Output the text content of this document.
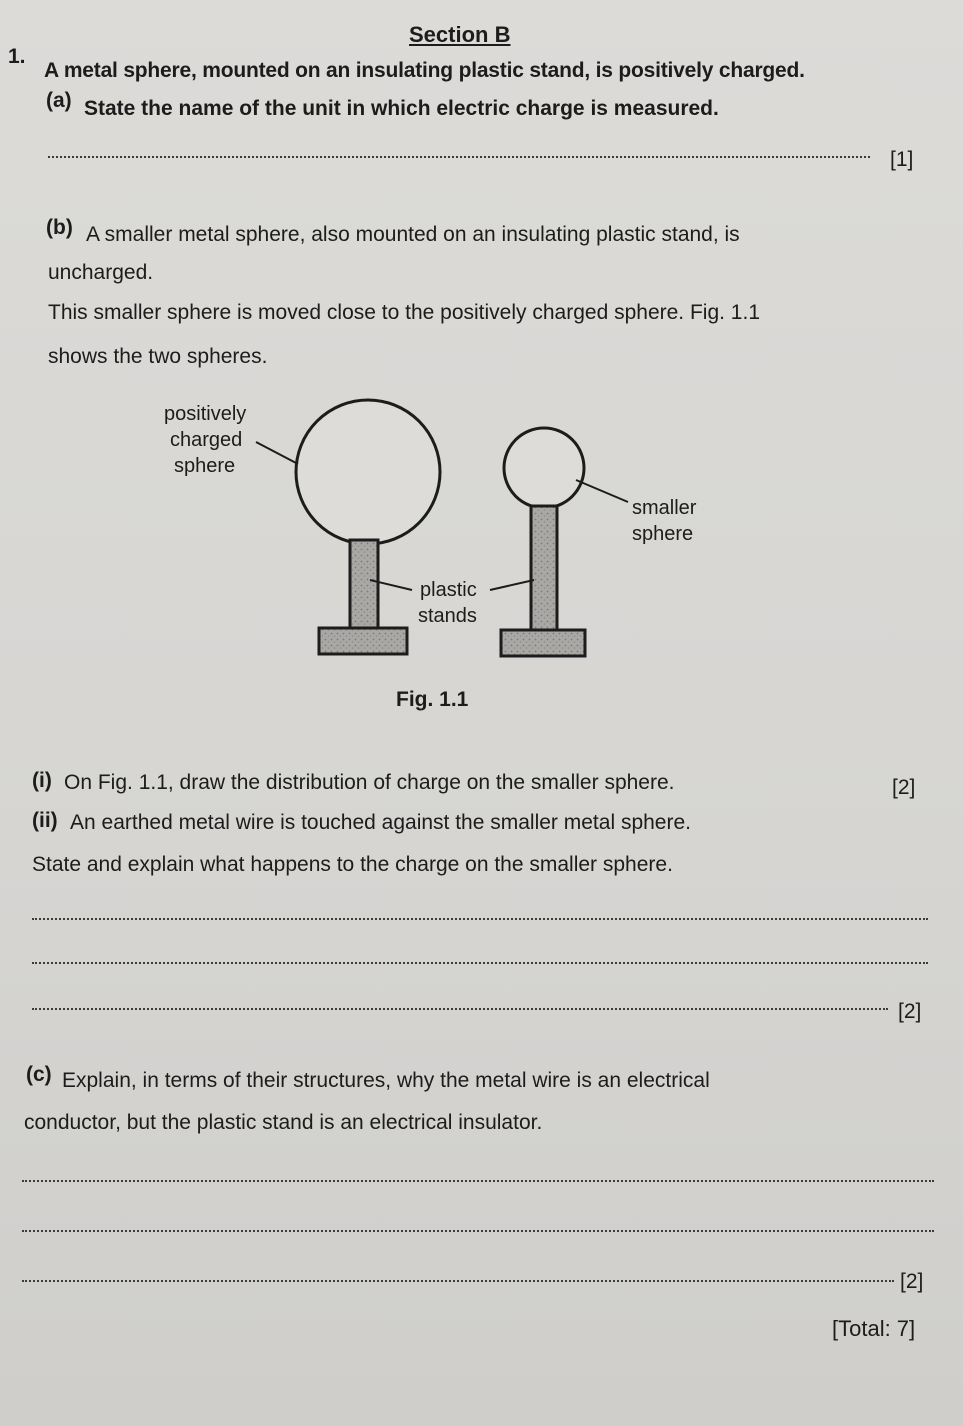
Section B
1.
A metal sphere, mounted on an insulating plastic stand, is positively charged.
(a) State the name of the unit in which electric charge is measured.
[1]
(b) A smaller metal sphere, also mounted on an insulating plastic stand, is
uncharged.
This smaller sphere is moved close to the positively charged sphere. Fig. 1.1
shows the two spheres.
positively
charged
sphere
smaller
sphere
plastic
stands
Fig. 1.1
(i) On Fig. 1.1, draw the distribution of charge on the smaller sphere.	[2]
(ii) An earthed metal wire is touched against the smaller metal sphere.
State and explain what happens to the charge on the smaller sphere.
[2]
(c) Explain, in terms of their structures, why the metal wire is an electrical
conductor, but the plastic stand is an electrical insulator.
[2]
[Total: 7]
